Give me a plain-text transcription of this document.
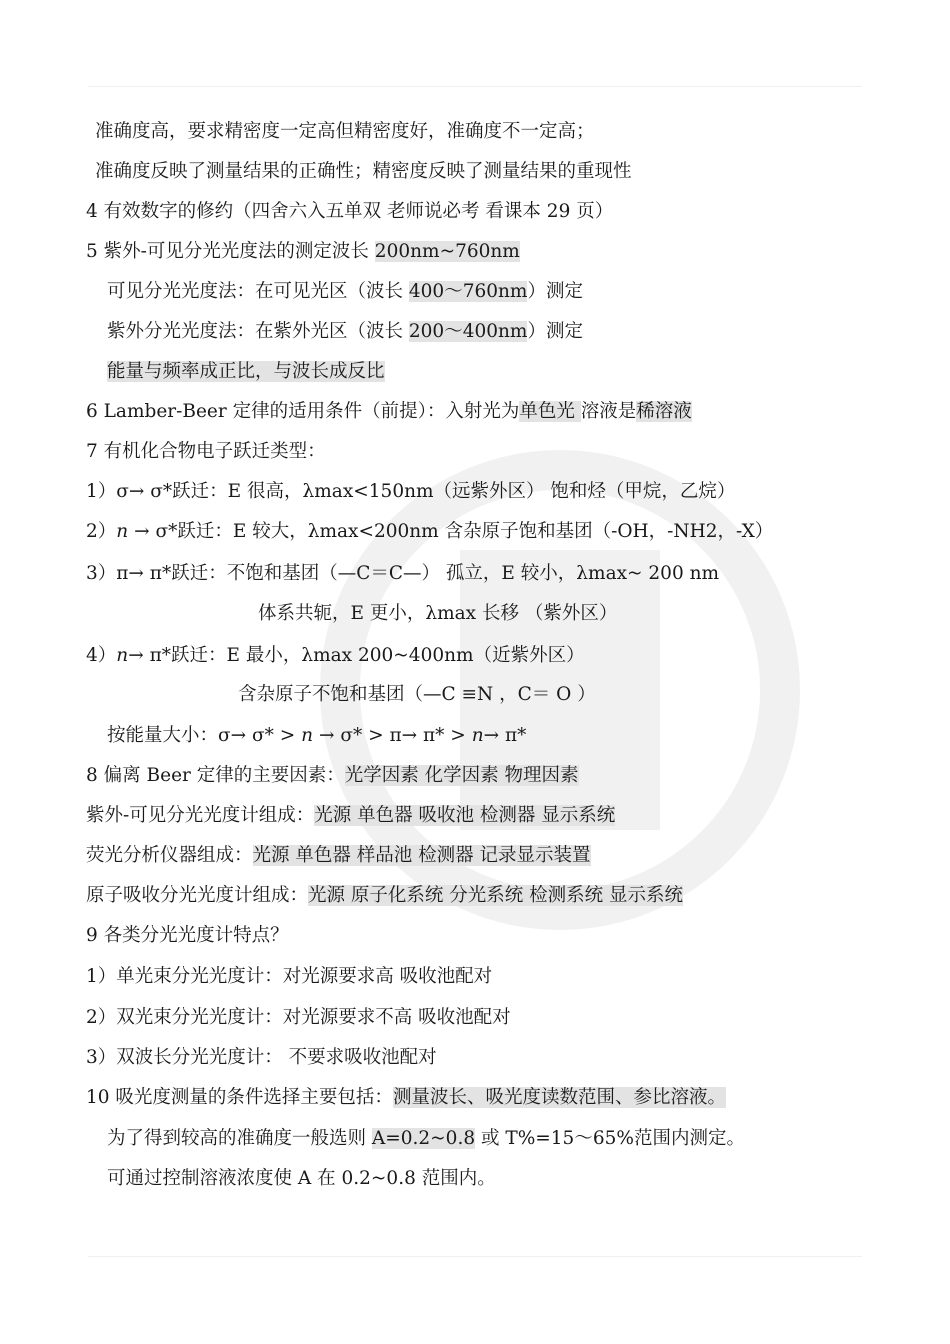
准确度高，要求精密度一定高但精密度好，准确度不一定高；
准确度反映了测量结果的正确性；精密度反映了测量结果的重现性
4 有效数字的修约（四舍六入五单双 老师说必考 看课本 29 页）
5 紫外-可见分光光度法的测定波长 200nm~760nm
可见分光光度法：在可见光区（波长 400～760nm）测定
紫外分光光度法：在紫外光区（波长 200～400nm）测定
能量与频率成正比，与波长成反比
6 Lamber-Beer 定律的适用条件（前提）：入射光为单色光 溶液是稀溶液
7 有机化合物电子跃迁类型：
1）σ→ σ*跃迁：E 很高，λmax<150nm（远紫外区） 饱和烃（甲烷，乙烷）
2）n → σ*跃迁：E 较大，λmax<200nm 含杂原子饱和基团（-OH，-NH2，-X）
3）π→ π*跃迁：不饱和基团（—C＝C—） 孤立，E 较小，λmax~ 200 nm
体系共轭，E 更小，λmax 长移 （紫外区）
4）n→ π*跃迁：E 最小，λmax 200~400nm（近紫外区）
含杂原子不饱和基团（—C ≡N ，C＝ O ）
按能量大小：σ→ σ* > n → σ* > π→ π* > n→ π*
8 偏离 Beer 定律的主要因素：光学因素 化学因素 物理因素
紫外-可见分光光度计组成：光源 单色器 吸收池 检测器 显示系统
荧光分析仪器组成：光源 单色器 样品池 检测器 记录显示装置
原子吸收分光光度计组成：光源 原子化系统 分光系统 检测系统 显示系统
9 各类分光光度计特点？
1）单光束分光光度计：对光源要求高 吸收池配对
2）双光束分光光度计：对光源要求不高 吸收池配对
3）双波长分光光度计： 不要求吸收池配对
10 吸光度测量的条件选择主要包括：测量波长、吸光度读数范围、参比溶液。
为了得到较高的准确度一般选则 A=0.2~0.8 或 T%=15～65%范围内测定。
可通过控制溶液浓度使 A 在 0.2~0.8 范围内。
